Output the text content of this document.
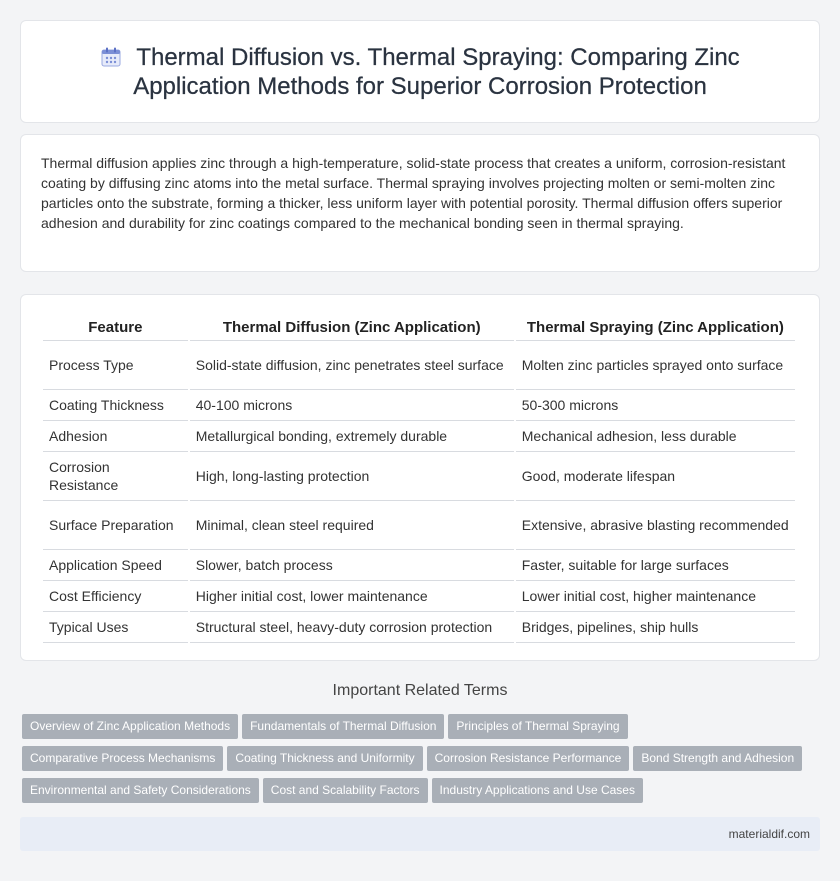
Thermal Diffusion vs. Thermal Spraying: Comparing Zinc Application Methods for Superior Corrosion Protection

Thermal diffusion applies zinc through a high-temperature, solid-state process that creates a uniform, corrosion-resistant coating by diffusing zinc atoms into the metal surface. Thermal spraying involves projecting molten or semi-molten zinc particles onto the substrate, forming a thicker, less uniform layer with potential porosity. Thermal diffusion offers superior adhesion and durability for zinc coatings compared to the mechanical bonding seen in thermal spraying.

Feature	Thermal Diffusion (Zinc Application)	Thermal Spraying (Zinc Application)
Process Type	Solid-state diffusion, zinc penetrates steel surface	Molten zinc particles sprayed onto surface
Coating Thickness	40-100 microns	50-300 microns
Adhesion	Metallurgical bonding, extremely durable	Mechanical adhesion, less durable
Corrosion Resistance	High, long-lasting protection	Good, moderate lifespan
Surface Preparation	Minimal, clean steel required	Extensive, abrasive blasting recommended
Application Speed	Slower, batch process	Faster, suitable for large surfaces
Cost Efficiency	Higher initial cost, lower maintenance	Lower initial cost, higher maintenance
Typical Uses	Structural steel, heavy-duty corrosion protection	Bridges, pipelines, ship hulls
Important Related Terms
Overview of Zinc Application Methods Fundamentals of Thermal Diffusion Principles of Thermal Spraying
Comparative Process Mechanisms Coating Thickness and Uniformity Corrosion Resistance Performance Bond Strength and Adhesion
Environmental and Safety Considerations Cost and Scalability Factors Industry Applications and Use Cases
materialdif.com
